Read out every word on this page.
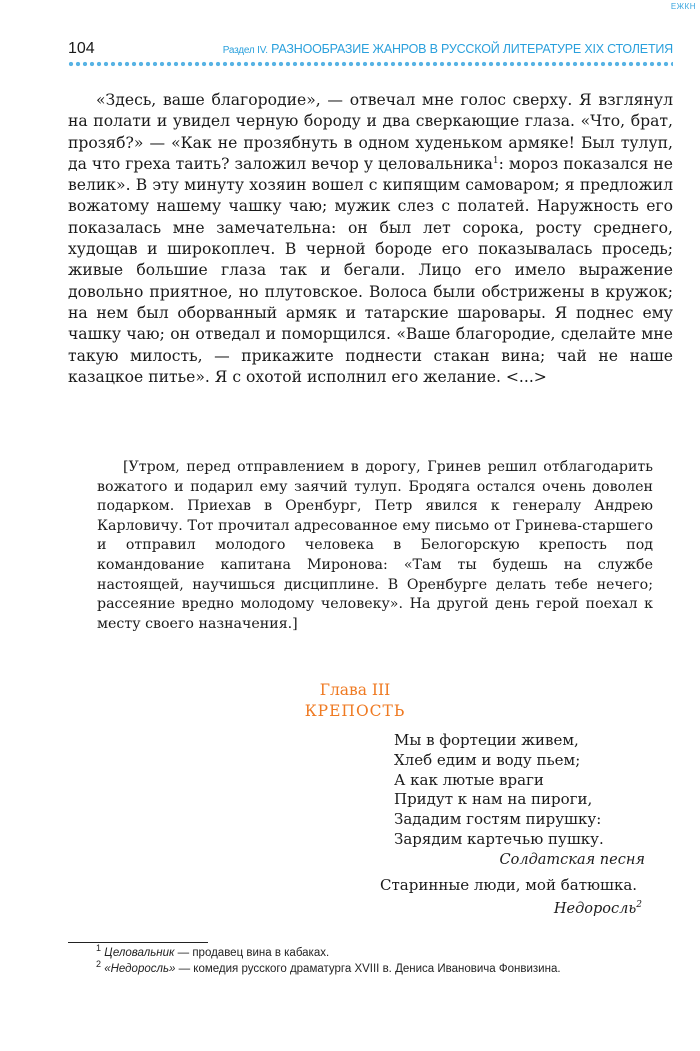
ЕЖКН
104	Раздел IV. РАЗНООБРАЗИЕ ЖАНРОВ В РУССКОЙ ЛИТЕРАТУРЕ XIX СТОЛЕТИЯ

«Здесь, ваше благородие», — отвечал мне голос сверху. Я взглянул на полати и увидел черную бороду и два сверкающие глаза. «Что, брат, прозяб?» — «Как не прозябнуть в одном худеньком армяке! Был тулуп, да что греха таить? заложил вечор у целовальника$^1$: мороз показался не велик». В эту минуту хозяин вошел с кипящим самоваром; я предложил вожатому нашему чашку чаю; мужик слез с полатей. Наружность его показалась мне замечательна: он был лет сорока, росту среднего, худощав и широкоплеч. В черной бороде его показывалась проседь; живые большие глаза так и бегали. Лицо его имело выражение довольно приятное, но плутовское. Волоса были обстрижены в кружок; на нем был оборванный армяк и татарские шаровары. Я поднес ему чашку чаю; он отведал и поморщился. «Ваше благородие, сделайте мне такую милость, — прикажите поднести стакан вина; чай не наше казацкое питье». Я с охотой исполнил его желание. <...>

[Утром, перед отправлением в дорогу, Гринев решил отблагодарить вожатого и подарил ему заячий тулуп. Бродяга остался очень доволен подарком. Приехав в Оренбург, Петр явился к генералу Андрею Карловичу. Тот прочитал адресованное ему письмо от Гринева-старшего и отправил молодого человека в Белогорскую крепость под командование капитана Миронова: «Там ты будешь на службе настоящей, научишься дисциплине. В Оренбурге делать тебе нечего; рассеяние вредно молодому человеку». На другой день герой поехал к месту своего назначения.]

Глава III
КРЕПОСТЬ
Мы в фортеции живем,
Хлеб едим и воду пьем;
А как лютые враги
Придут к нам на пироги,
Зададим гостям пирушку:
Зарядим картечью пушку.
Солдатская песня
Старинные люди, мой батюшка.
Недоросль$^2$
$^1$ Целовальник — продавец вина в кабаках.
$^2$ «Недоросль» — комедия русского драматурга XVIII в. Дениса Ивановича Фонвизина.
